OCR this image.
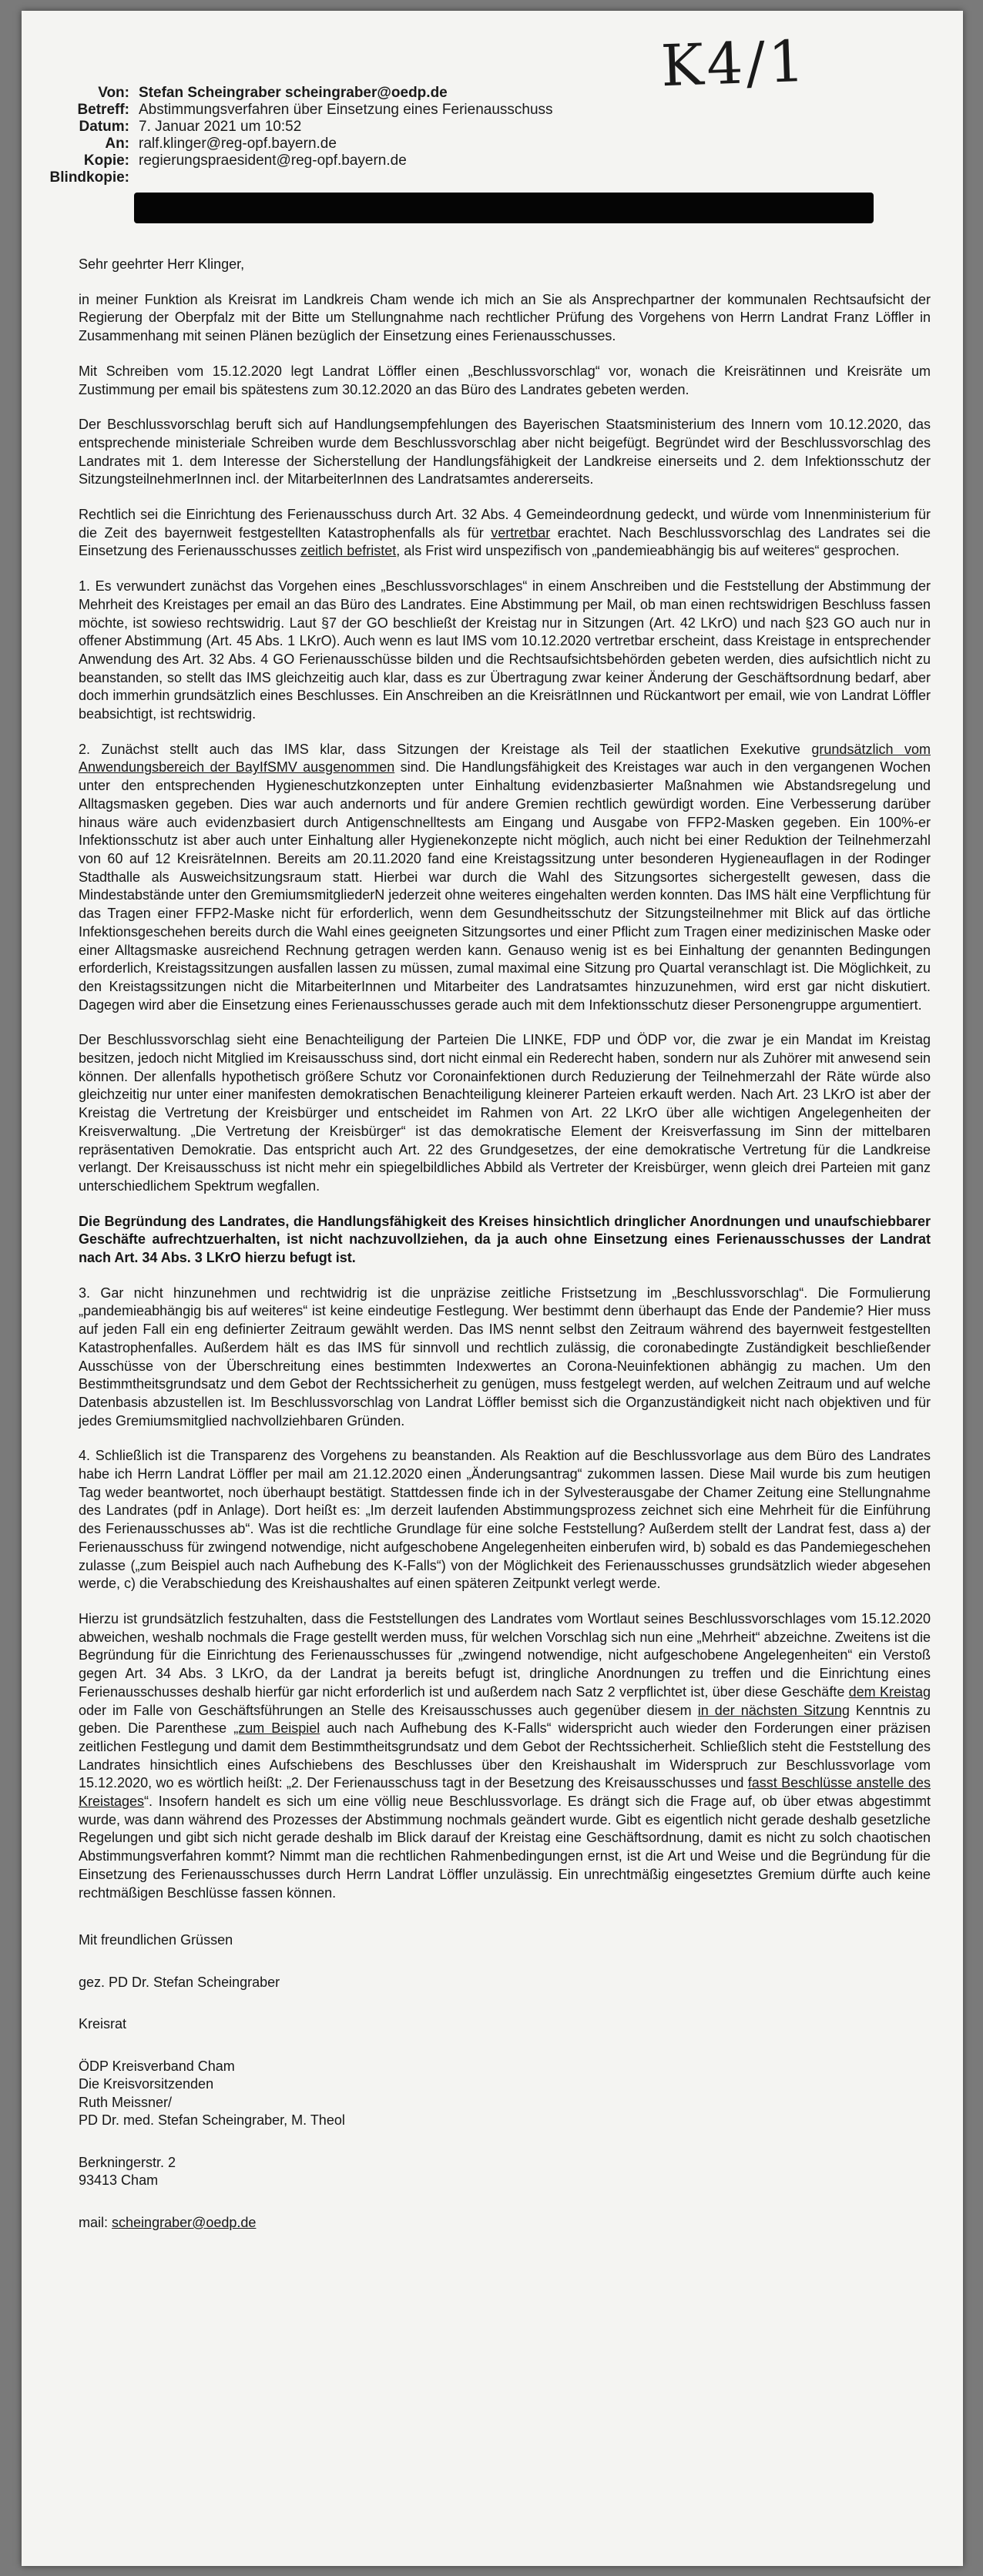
K4/1
Von: Stefan Scheingraber scheingraber@oedp.de
Betreff: Abstimmungsverfahren über Einsetzung eines Ferienausschuss
Datum: 7. Januar 2021 um 10:52
An: ralf.klinger@reg-opf.bayern.de
Kopie: regierungspraesident@reg-opf.bayern.de
Blindkopie:

Sehr geehrter Herr Klinger,

in meiner Funktion als Kreisrat im Landkreis Cham wende ich mich an Sie als Ansprechpartner der kommunalen Rechtsaufsicht der Regierung der Oberpfalz mit der Bitte um Stellungnahme nach rechtlicher Prüfung des Vorgehens von Herrn Landrat Franz Löffler in Zusammenhang mit seinen Plänen bezüglich der Einsetzung eines Ferienausschusses.

Mit Schreiben vom 15.12.2020 legt Landrat Löffler einen „Beschlussvorschlag“ vor, wonach die Kreisrätinnen und Kreisräte um Zustimmung per email bis spätestens zum 30.12.2020 an das Büro des Landrates gebeten werden.

Der Beschlussvorschlag beruft sich auf Handlungsempfehlungen des Bayerischen Staatsministerium des Innern vom 10.12.2020, das entsprechende ministeriale Schreiben wurde dem Beschlussvorschlag aber nicht beigefügt. Begründet wird der Beschlussvorschlag des Landrates mit 1. dem Interesse der Sicherstellung der Handlungsfähigkeit der Landkreise einerseits und 2. dem Infektionsschutz der SitzungsteilnehmerInnen incl. der MitarbeiterInnen des Landratsamtes andererseits.

Rechtlich sei die Einrichtung des Ferienausschuss durch Art. 32 Abs. 4 Gemeindeordnung gedeckt, und würde vom Innenministerium für die Zeit des bayernweit festgestellten Katastrophenfalls als für vertretbar erachtet. Nach Beschlussvorschlag des Landrates sei die Einsetzung des Ferienausschusses zeitlich befristet, als Frist wird unspezifisch von „pandemieabhängig bis auf weiteres“ gesprochen.

1. Es verwundert zunächst das Vorgehen eines „Beschlussvorschlages“ in einem Anschreiben und die Feststellung der Abstimmung der Mehrheit des Kreistages per email an das Büro des Landrates. Eine Abstimmung per Mail, ob man einen rechtswidrigen Beschluss fassen möchte, ist sowieso rechtswidrig. Laut §7 der GO beschließt der Kreistag nur in Sitzungen (Art. 42 LKrO) und nach §23 GO auch nur in offener Abstimmung (Art. 45 Abs. 1 LKrO). Auch wenn es laut IMS vom 10.12.2020 vertretbar erscheint, dass Kreistage in entsprechender Anwendung des Art. 32 Abs. 4 GO Ferienausschüsse bilden und die Rechtsaufsichtsbehörden gebeten werden, dies aufsichtlich nicht zu beanstanden, so stellt das IMS gleichzeitig auch klar, dass es zur Übertragung zwar keiner Änderung der Geschäftsordnung bedarf, aber doch immerhin grundsätzlich eines Beschlusses. Ein Anschreiben an die KreisrätInnen und Rückantwort per email, wie von Landrat Löffler beabsichtigt, ist rechtswidrig.

2. Zunächst stellt auch das IMS klar, dass Sitzungen der Kreistage als Teil der staatlichen Exekutive grundsätzlich vom Anwendungsbereich der BayIfSMV ausgenommen sind. Die Handlungsfähigkeit des Kreistages war auch in den vergangenen Wochen unter den entsprechenden Hygieneschutzkonzepten unter Einhaltung evidenzbasierter Maßnahmen wie Abstandsregelung und Alltagsmasken gegeben. Dies war auch andernorts und für andere Gremien rechtlich gewürdigt worden. Eine Verbesserung darüber hinaus wäre auch evidenzbasiert durch Antigenschnelltests am Eingang und Ausgabe von FFP2-Masken gegeben. Ein 100%-er Infektionsschutz ist aber auch unter Einhaltung aller Hygienekonzepte nicht möglich, auch nicht bei einer Reduktion der Teilnehmerzahl von 60 auf 12 KreisräteInnen. Bereits am 20.11.2020 fand eine Kreistagssitzung unter besonderen Hygieneauflagen in der Rodinger Stadthalle als Ausweichsitzungsraum statt. Hierbei war durch die Wahl des Sitzungsortes sichergestellt gewesen, dass die Mindestabstände unter den GremiumsmitgliederN jederzeit ohne weiteres eingehalten werden konnten. Das IMS hält eine Verpflichtung für das Tragen einer FFP2-Maske nicht für erforderlich, wenn dem Gesundheitsschutz der Sitzungsteilnehmer mit Blick auf das örtliche Infektionsgeschehen bereits durch die Wahl eines geeigneten Sitzungsortes und einer Pflicht zum Tragen einer medizinischen Maske oder einer Alltagsmaske ausreichend Rechnung getragen werden kann. Genauso wenig ist es bei Einhaltung der genannten Bedingungen erforderlich, Kreistagssitzungen ausfallen lassen zu müssen, zumal maximal eine Sitzung pro Quartal veranschlagt ist. Die Möglichkeit, zu den Kreistagssitzungen nicht die MitarbeiterInnen und Mitarbeiter des Landratsamtes hinzuzunehmen, wird erst gar nicht diskutiert. Dagegen wird aber die Einsetzung eines Ferienausschusses gerade auch mit dem Infektionsschutz dieser Personengruppe argumentiert.

Der Beschlussvorschlag sieht eine Benachteiligung der Parteien Die LINKE, FDP und ÖDP vor, die zwar je ein Mandat im Kreistag besitzen, jedoch nicht Mitglied im Kreisausschuss sind, dort nicht einmal ein Rederecht haben, sondern nur als Zuhörer mit anwesend sein können. Der allenfalls hypothetisch größere Schutz vor Coronainfektionen durch Reduzierung der Teilnehmerzahl der Räte würde also gleichzeitig nur unter einer manifesten demokratischen Benachteiligung kleinerer Parteien erkauft werden. Nach Art. 23 LKrO ist aber der Kreistag die Vertretung der Kreisbürger und entscheidet im Rahmen von Art. 22 LKrO über alle wichtigen Angelegenheiten der Kreisverwaltung. „Die Vertretung der Kreisbürger“ ist das demokratische Element der Kreisverfassung im Sinn der mittelbaren repräsentativen Demokratie. Das entspricht auch Art. 22 des Grundgesetzes, der eine demokratische Vertretung für die Landkreise verlangt. Der Kreisausschuss ist nicht mehr ein spiegelbildliches Abbild als Vertreter der Kreisbürger, wenn gleich drei Parteien mit ganz unterschiedlichem Spektrum wegfallen.

Die Begründung des Landrates, die Handlungsfähigkeit des Kreises hinsichtlich dringlicher Anordnungen und unaufschiebbarer Geschäfte aufrechtzuerhalten, ist nicht nachzuvollziehen, da ja auch ohne Einsetzung eines Ferienausschusses der Landrat nach Art. 34 Abs. 3 LKrO hierzu befugt ist.

3. Gar nicht hinzunehmen und rechtwidrig ist die unpräzise zeitliche Fristsetzung im „Beschlussvorschlag“. Die Formulierung „pandemieabhängig bis auf weiteres“ ist keine eindeutige Festlegung. Wer bestimmt denn überhaupt das Ende der Pandemie? Hier muss auf jeden Fall ein eng definierter Zeitraum gewählt werden. Das IMS nennt selbst den Zeitraum während des bayernweit festgestellten Katastrophenfalles. Außerdem hält es das IMS für sinnvoll und rechtlich zulässig, die coronabedingte Zuständigkeit beschließender Ausschüsse von der Überschreitung eines bestimmten Indexwertes an Corona-Neuinfektionen abhängig zu machen. Um den Bestimmtheitsgrundsatz und dem Gebot der Rechtssicherheit zu genügen, muss festgelegt werden, auf welchen Zeitraum und auf welche Datenbasis abzustellen ist. Im Beschlussvorschlag von Landrat Löffler bemisst sich die Organzuständigkeit nicht nach objektiven und für jedes Gremiumsmitglied nachvollziehbaren Gründen.

4. Schließlich ist die Transparenz des Vorgehens zu beanstanden. Als Reaktion auf die Beschlussvorlage aus dem Büro des Landrates habe ich Herrn Landrat Löffler per mail am 21.12.2020 einen „Änderungsantrag“ zukommen lassen. Diese Mail wurde bis zum heutigen Tag weder beantwortet, noch überhaupt bestätigt. Stattdessen finde ich in der Sylvesterausgabe der Chamer Zeitung eine Stellungnahme des Landrates (pdf in Anlage). Dort heißt es: „Im derzeit laufenden Abstimmungsprozess zeichnet sich eine Mehrheit für die Einführung des Ferienausschusses ab“. Was ist die rechtliche Grundlage für eine solche Feststellung? Außerdem stellt der Landrat fest, dass a) der Ferienausschuss für zwingend notwendige, nicht aufgeschobene Angelegenheiten einberufen wird, b) sobald es das Pandemiegeschehen zulasse („zum Beispiel auch nach Aufhebung des K-Falls“) von der Möglichkeit des Ferienausschusses grundsätzlich wieder abgesehen werde, c) die Verabschiedung des Kreishaushaltes auf einen späteren Zeitpunkt verlegt werde.

Hierzu ist grundsätzlich festzuhalten, dass die Feststellungen des Landrates vom Wortlaut seines Beschlussvorschlages vom 15.12.2020 abweichen, weshalb nochmals die Frage gestellt werden muss, für welchen Vorschlag sich nun eine „Mehrheit“ abzeichne. Zweitens ist die Begründung für die Einrichtung des Ferienausschusses für „zwingend notwendige, nicht aufgeschobene Angelegenheiten“ ein Verstoß gegen Art. 34 Abs. 3 LKrO, da der Landrat ja bereits befugt ist, dringliche Anordnungen zu treffen und die Einrichtung eines Ferienausschusses deshalb hierfür gar nicht erforderlich ist und außerdem nach Satz 2 verpflichtet ist, über diese Geschäfte dem Kreistag oder im Falle von Geschäftsführungen an Stelle des Kreisausschusses auch gegenüber diesem in der nächsten Sitzung Kenntnis zu geben. Die Parenthese „zum Beispiel auch nach Aufhebung des K-Falls“ widerspricht auch wieder den Forderungen einer präzisen zeitlichen Festlegung und damit dem Bestimmtheitsgrundsatz und dem Gebot der Rechtssicherheit. Schließlich steht die Feststellung des Landrates hinsichtlich eines Aufschiebens des Beschlusses über den Kreishaushalt im Widerspruch zur Beschlussvorlage vom 15.12.2020, wo es wörtlich heißt: „2. Der Ferienausschuss tagt in der Besetzung des Kreisausschusses und fasst Beschlüsse anstelle des Kreistages“. Insofern handelt es sich um eine völlig neue Beschlussvorlage. Es drängt sich die Frage auf, ob über etwas abgestimmt wurde, was dann während des Prozesses der Abstimmung nochmals geändert wurde. Gibt es eigentlich nicht gerade deshalb gesetzliche Regelungen und gibt sich nicht gerade deshalb im Blick darauf der Kreistag eine Geschäftsordnung, damit es nicht zu solch chaotischen Abstimmungsverfahren kommt? Nimmt man die rechtlichen Rahmenbedingungen ernst, ist die Art und Weise und die Begründung für die Einsetzung des Ferienausschusses durch Herrn Landrat Löffler unzulässig. Ein unrechtmäßig eingesetztes Gremium dürfte auch keine rechtmäßigen Beschlüsse fassen können.

Mit freundlichen Grüssen
gez. PD Dr. Stefan Scheingraber
Kreisrat
ÖDP Kreisverband Cham
Die Kreisvorsitzenden
Ruth Meissner/
PD Dr. med. Stefan Scheingraber, M. Theol
Berkningerstr. 2
93413 Cham
mail: scheingraber@oedp.de
